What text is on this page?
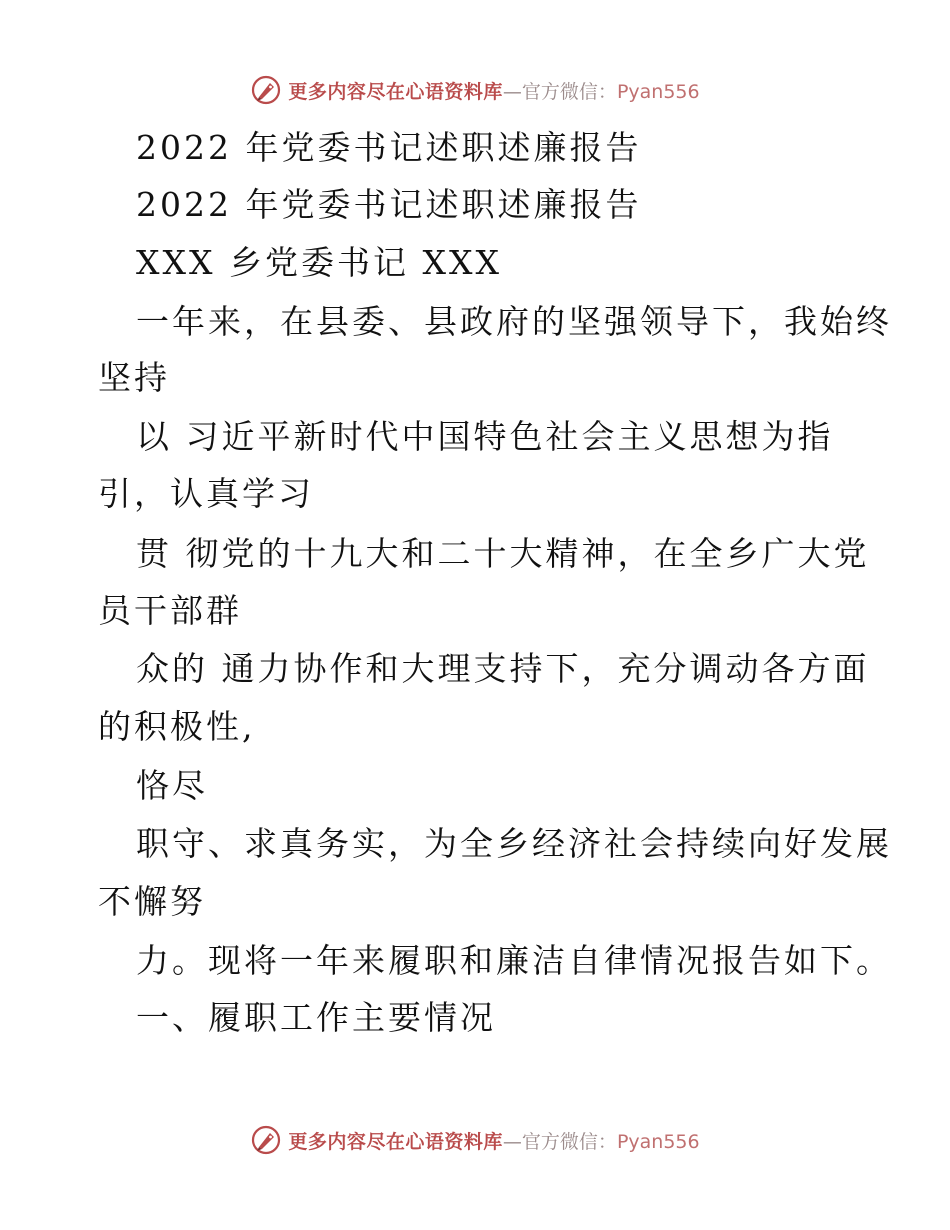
更多内容尽在心语资料库—官方微信：Pyan556
2022 年党委书记述职述廉报告
2022 年党委书记述职述廉报告
XXX 乡党委书记 XXX
一年来，在县委、县政府的坚强领导下，我始终
坚持
以 习近平新时代中国特色社会主义思想为指
引，认真学习
贯 彻党的十九大和二十大精神，在全乡广大党
员干部群
众的 通力协作和大理支持下，充分调动各方面
的积极性,
恪尽
职守、求真务实，为全乡经济社会持续向好发展
不懈努
力。现将一年来履职和廉洁自律情况报告如下。
一、履职工作主要情况
更多内容尽在心语资料库—官方微信：Pyan556
